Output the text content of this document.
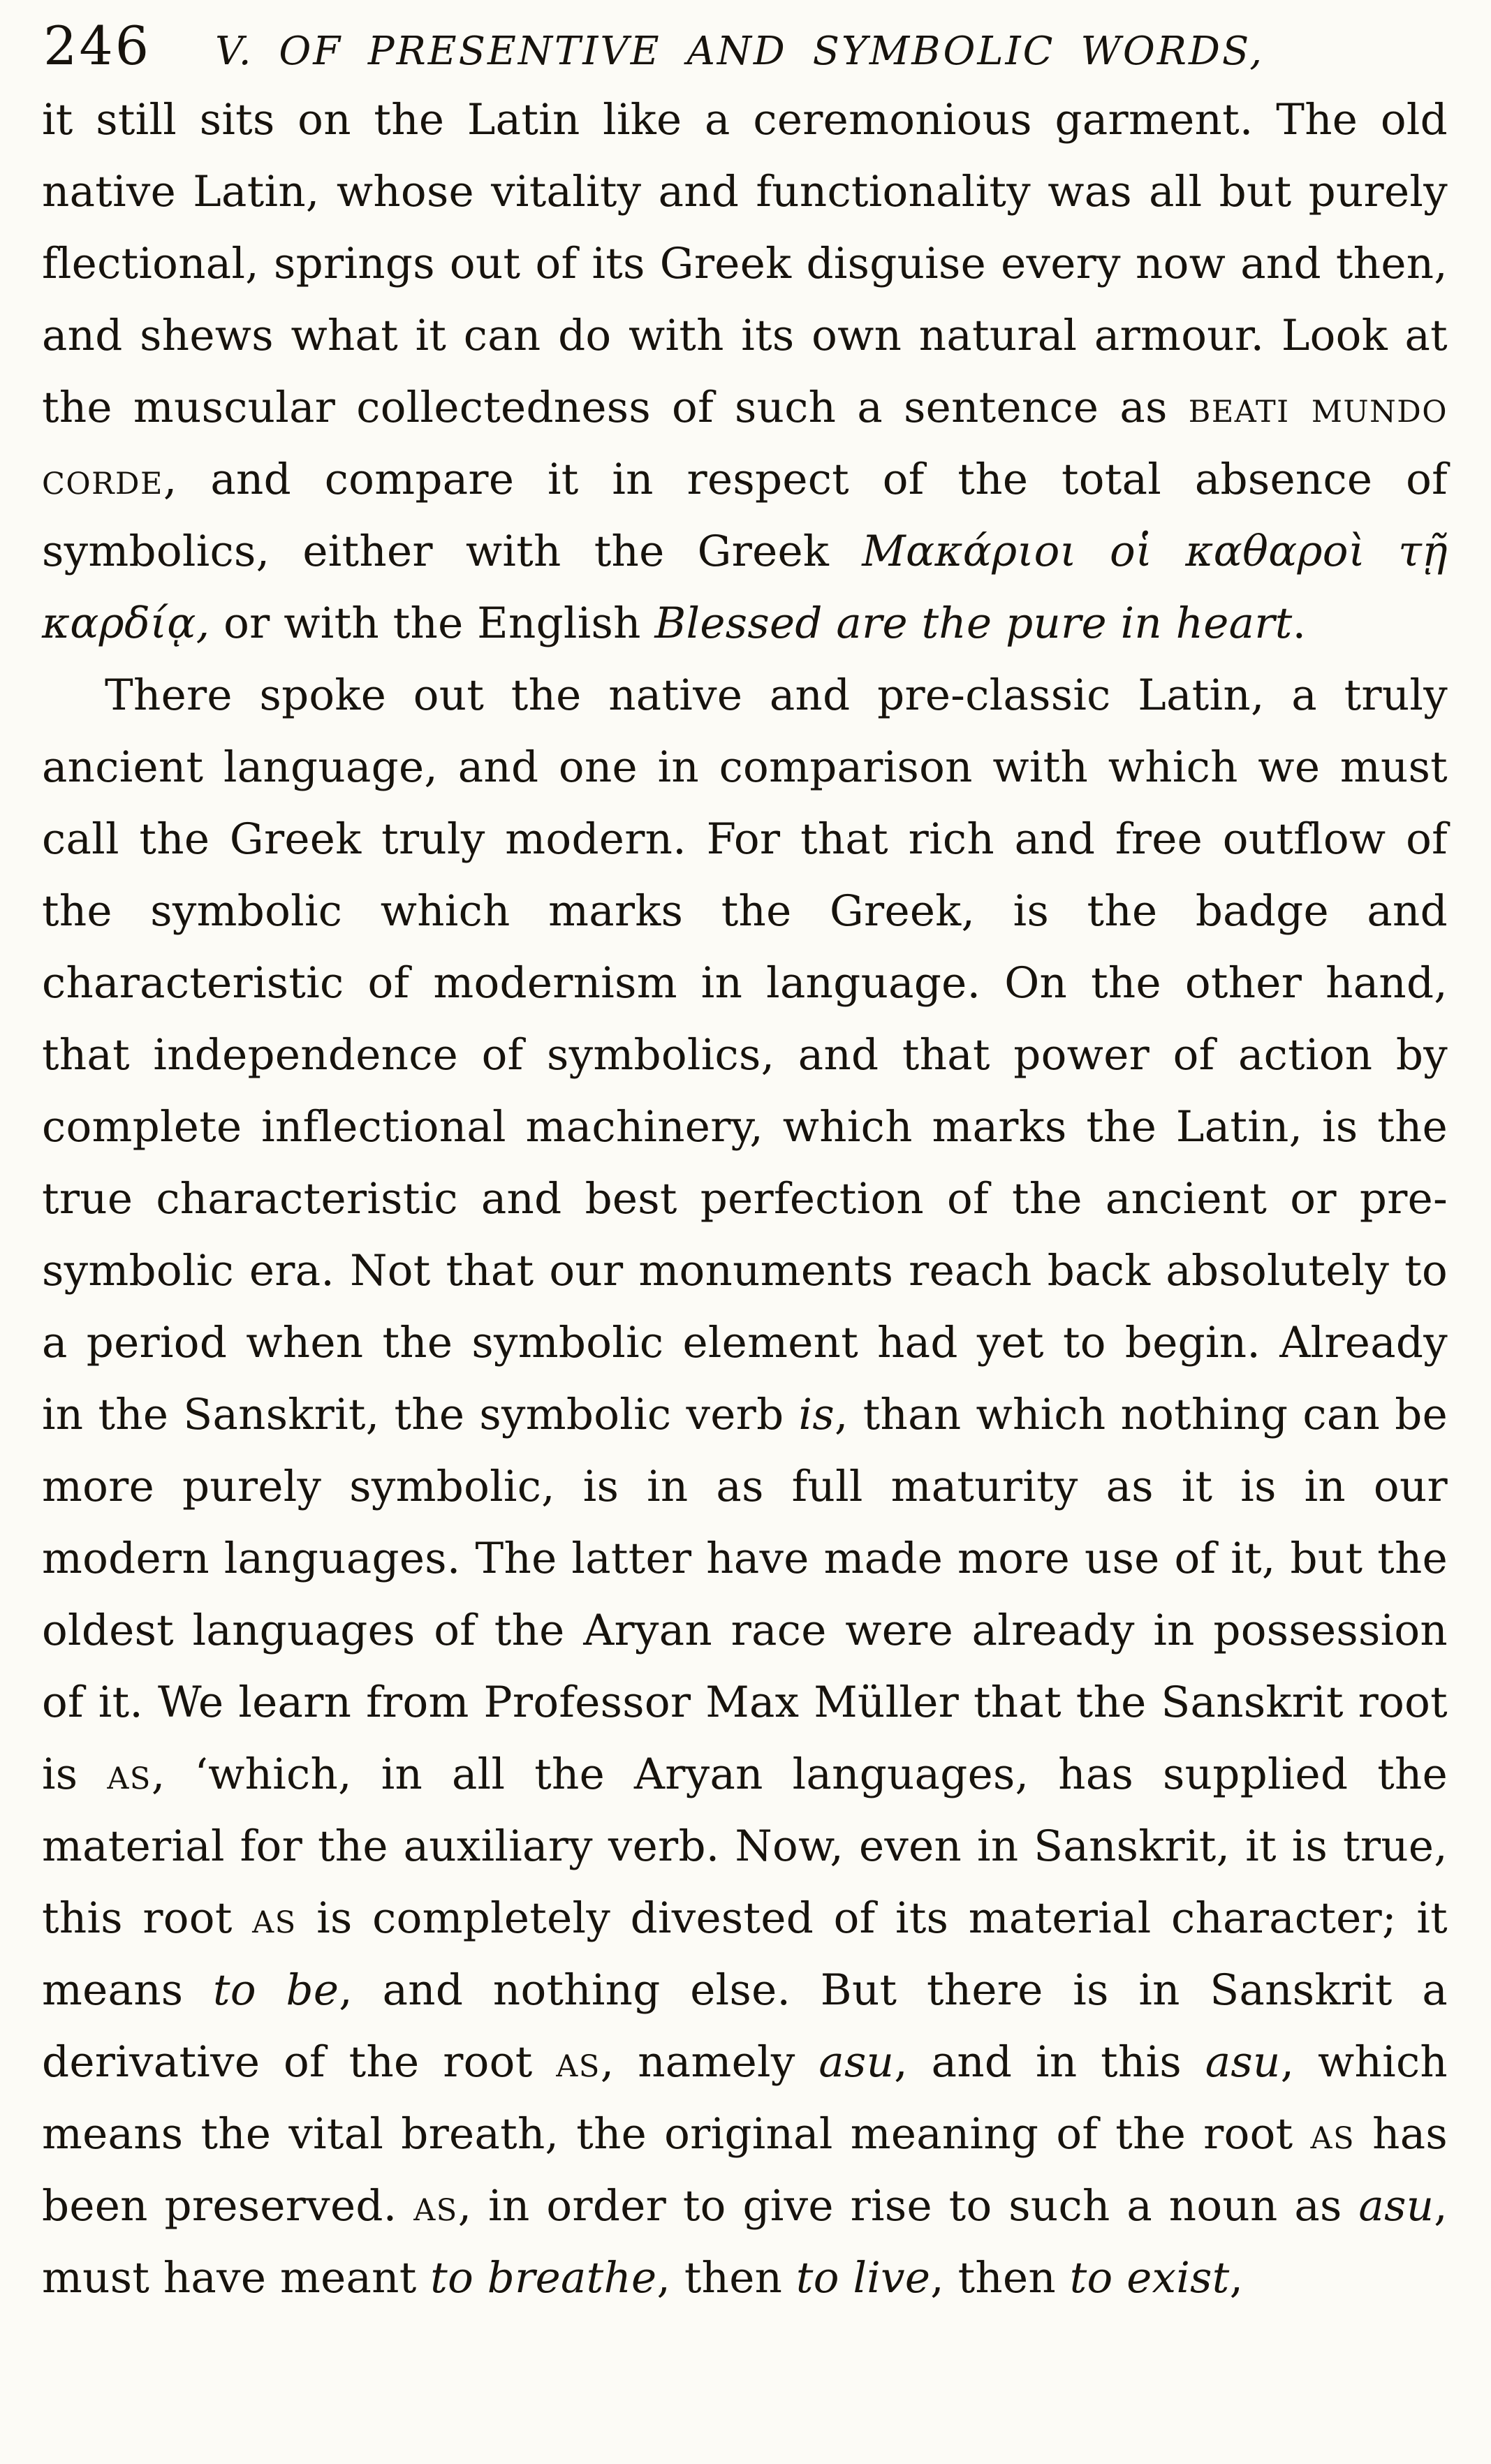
246 V. OF PRESENTIVE AND SYMBOLIC WORDS,

it still sits on the Latin like a ceremonious garment. The old native Latin, whose vitality and functionality was all but purely flectional, springs out of its Greek disguise every now and then, and shews what it can do with its own natural armour. Look at the muscular collectedness of such a sentence as beati mundo corde, and compare it in respect of the total absence of symbolics, either with the Greek Μακάριοι οἱ καθαροὶ τῇ καρδίᾳ, or with the English Blessed are the pure in heart.

There spoke out the native and pre-classic Latin, a truly ancient language, and one in comparison with which we must call the Greek truly modern. For that rich and free outflow of the symbolic which marks the Greek, is the badge and characteristic of modernism in language. On the other hand, that independence of symbolics, and that power of action by complete inflectional machinery, which marks the Latin, is the true characteristic and best perfection of the ancient or pre-symbolic era. Not that our monuments reach back absolutely to a period when the symbolic element had yet to begin. Already in the Sanskrit, the symbolic verb is, than which nothing can be more purely symbolic, is in as full maturity as it is in our modern languages. The latter have made more use of it, but the oldest languages of the Aryan race were already in possession of it. We learn from Professor Max Müller that the Sanskrit root is as, ‘which, in all the Aryan languages, has supplied the material for the auxiliary verb. Now, even in Sanskrit, it is true, this root as is completely divested of its material character; it means to be, and nothing else. But there is in Sanskrit a derivative of the root as, namely asu, and in this asu, which means the vital breath, the original meaning of the root as has been preserved. as, in order to give rise to such a noun as asu, must have meant to breathe, then to live, then to exist,
